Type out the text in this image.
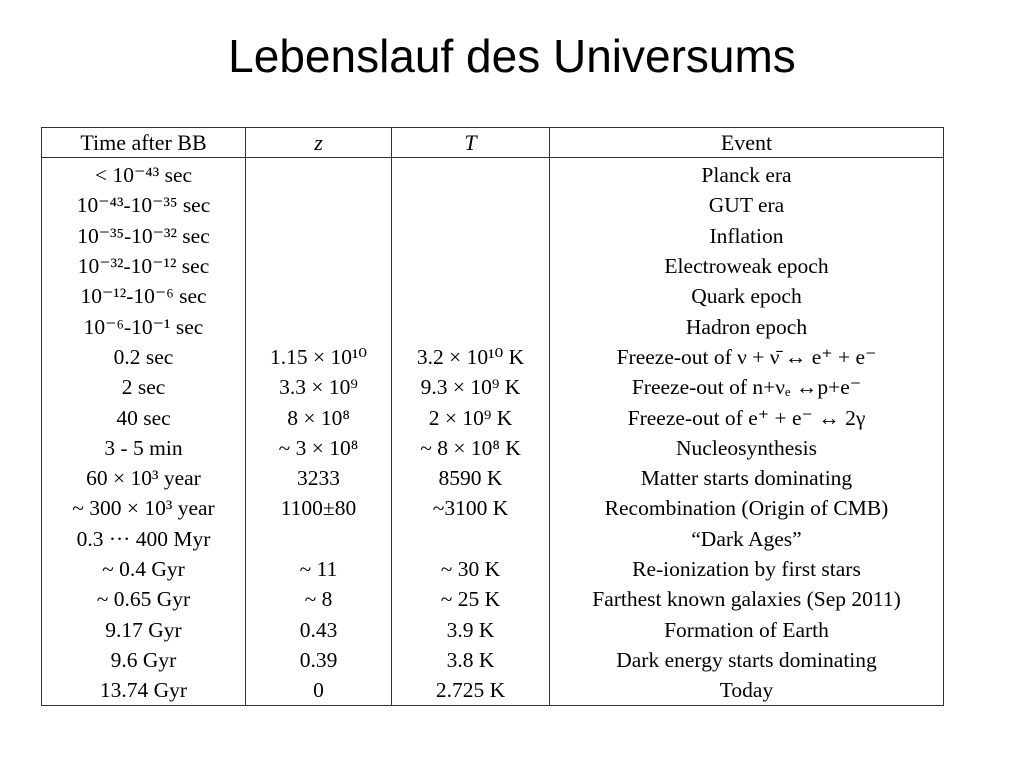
Lebenslauf des Universums
Time after BB	z	T	Event
< 10⁻⁴³ sec			Planck era
10⁻⁴³-10⁻³⁵ sec			GUT era
10⁻³⁵-10⁻³² sec			Inflation
10⁻³²-10⁻¹² sec			Electroweak epoch
10⁻¹²-10⁻⁶ sec			Quark epoch
10⁻⁶-10⁻¹ sec			Hadron epoch
0.2 sec	1.15 × 10¹⁰	3.2 × 10¹⁰ K	Freeze-out of ν + ν̄ ↔ e⁺ + e⁻
2 sec	3.3 × 10⁹	9.3 × 10⁹ K	Freeze-out of n+νₑ ↔p+e⁻
40 sec	8 × 10⁸	2 × 10⁹ K	Freeze-out of e⁺ + e⁻ ↔ 2γ
3 - 5 min	~ 3 × 10⁸	~ 8 × 10⁸ K	Nucleosynthesis
60 × 10³ year	3233	8590 K	Matter starts dominating
~ 300 × 10³ year	1100±80	~3100 K	Recombination (Origin of CMB)
0.3 ··· 400 Myr			“Dark Ages”
~ 0.4 Gyr	~ 11	~ 30 K	Re-ionization by first stars
~ 0.65 Gyr	~ 8	~ 25 K	Farthest known galaxies (Sep 2011)
9.17 Gyr	0.43	3.9 K	Formation of Earth
9.6 Gyr	0.39	3.8 K	Dark energy starts dominating
13.74 Gyr	0	2.725 K	Today
